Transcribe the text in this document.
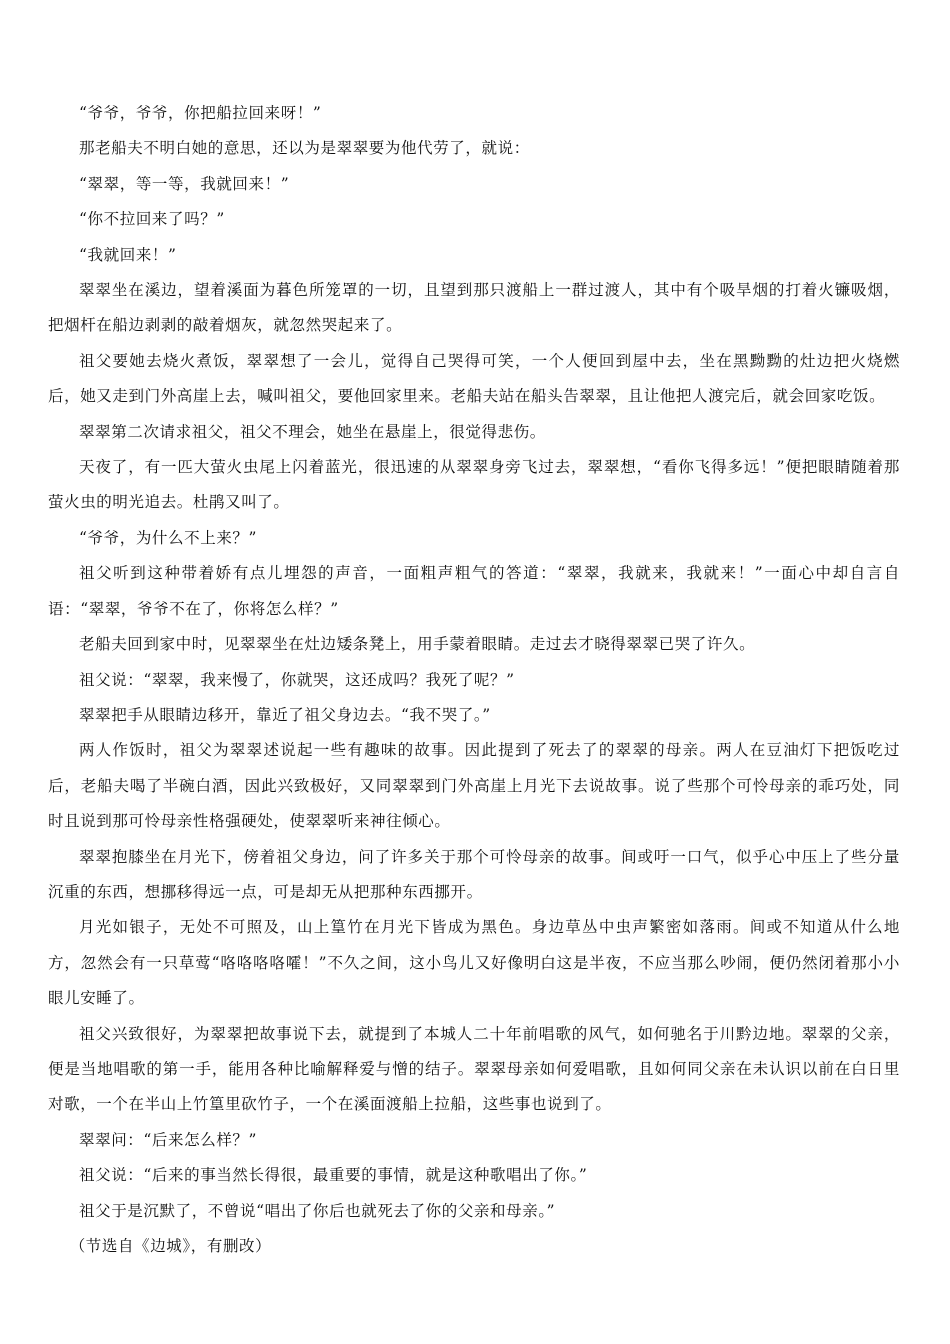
“爷爷，爷爷，你把船拉回来呀！”

那老船夫不明白她的意思，还以为是翠翠要为他代劳了，就说：

“翠翠，等一等，我就回来！”

“你不拉回来了吗？”

“我就回来！”

翠翠坐在溪边，望着溪面为暮色所笼罩的一切，且望到那只渡船上一群过渡人，其中有个吸旱烟的打着火镰吸烟，把烟杆在船边剥剥的敲着烟灰，就忽然哭起来了。

祖父要她去烧火煮饭，翠翠想了一会儿，觉得自己哭得可笑，一个人便回到屋中去，坐在黑黝黝的灶边把火烧燃后，她又走到门外高崖上去，喊叫祖父，要他回家里来。老船夫站在船头告翠翠，且让他把人渡完后，就会回家吃饭。

翠翠第二次请求祖父，祖父不理会，她坐在悬崖上，很觉得悲伤。

天夜了，有一匹大萤火虫尾上闪着蓝光，很迅速的从翠翠身旁飞过去，翠翠想，“看你飞得多远！”便把眼睛随着那萤火虫的明光追去。杜鹃又叫了。

“爷爷，为什么不上来？”

祖父听到这种带着娇有点儿埋怨的声音，一面粗声粗气的答道：“翠翠，我就来，我就来！”一面心中却自言自语：“翠翠，爷爷不在了，你将怎么样？”

老船夫回到家中时，见翠翠坐在灶边矮条凳上，用手蒙着眼睛。走过去才晓得翠翠已哭了许久。

祖父说：“翠翠，我来慢了，你就哭，这还成吗？我死了呢？”

翠翠把手从眼睛边移开，靠近了祖父身边去。“我不哭了。”

两人作饭时，祖父为翠翠述说起一些有趣味的故事。因此提到了死去了的翠翠的母亲。两人在豆油灯下把饭吃过后，老船夫喝了半碗白酒，因此兴致极好，又同翠翠到门外高崖上月光下去说故事。说了些那个可怜母亲的乖巧处，同时且说到那可怜母亲性格强硬处，使翠翠听来神往倾心。

翠翠抱膝坐在月光下，傍着祖父身边，问了许多关于那个可怜母亲的故事。间或吁一口气，似乎心中压上了些分量沉重的东西，想挪移得远一点，可是却无从把那种东西挪开。

月光如银子，无处不可照及，山上篁竹在月光下皆成为黑色。身边草丛中虫声繁密如落雨。间或不知道从什么地方，忽然会有一只草莺“咯咯咯咯嚯！”不久之间，这小鸟儿又好像明白这是半夜，不应当那么吵闹，便仍然闭着那小小眼儿安睡了。

祖父兴致很好，为翠翠把故事说下去，就提到了本城人二十年前唱歌的风气，如何驰名于川黔边地。翠翠的父亲，便是当地唱歌的第一手，能用各种比喻解释爱与憎的结子。翠翠母亲如何爱唱歌，且如何同父亲在未认识以前在白日里对歌，一个在半山上竹篁里砍竹子，一个在溪面渡船上拉船，这些事也说到了。

翠翠问：“后来怎么样？”

祖父说：“后来的事当然长得很，最重要的事情，就是这种歌唱出了你。”

祖父于是沉默了，不曾说“唱出了你后也就死去了你的父亲和母亲。”

（节选自《边城》，有删改）
